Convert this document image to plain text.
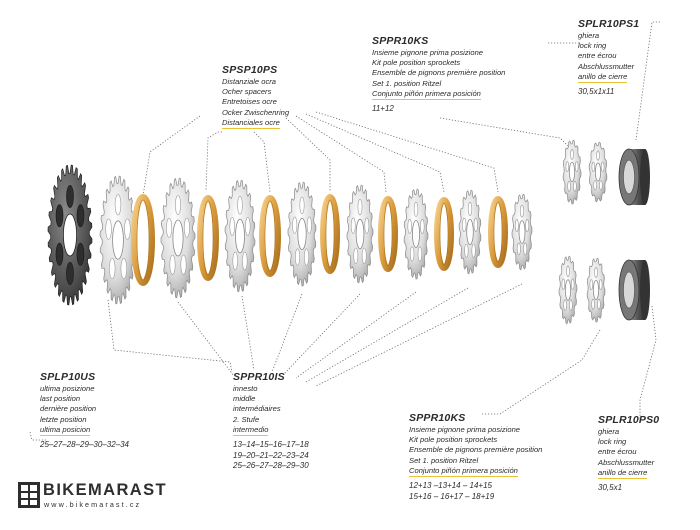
SPSP10PS
Distanziale ocra
Ocher spacers
Entretoises ocre
Ocker Zwischenring
Distanciales ocre
SPPR10KS
Insieme pignone prima posizione
Kit pole position sprockets
Ensemble de pignons première position
Set 1. position Ritzel
Conjunto piñón primera posición
11+12
SPLR10PS1
ghiera
lock ring
entre écrou
Abschlussmutter
anillo de cierre
30,5x1x11
SPLP10US
ultima posizione
last position
dernière position
letzte position
ultima posicion
25–27–28–29–30–32–34
SPPR10IS
innesto
middle
intermédiaires
2. Stufe
intermedio
13–14–15–16–17–18
19–20–21–22–23–24
25–26–27–28–29–30
SPPR10KS
Insieme pignone prima posizione
Kit pole position sprockets
Ensemble de pignons première position
Set 1. position Ritzel
Conjunto piñón primera posición
12+13 –13+14 – 14+15
15+16 – 16+17 – 18+19
SPLR10PS0
ghiera
lock ring
entre écrou
Abschlussmutter
anillo de cierre
30,5x1
BIKEMARAST
www.bikemarast.cz
